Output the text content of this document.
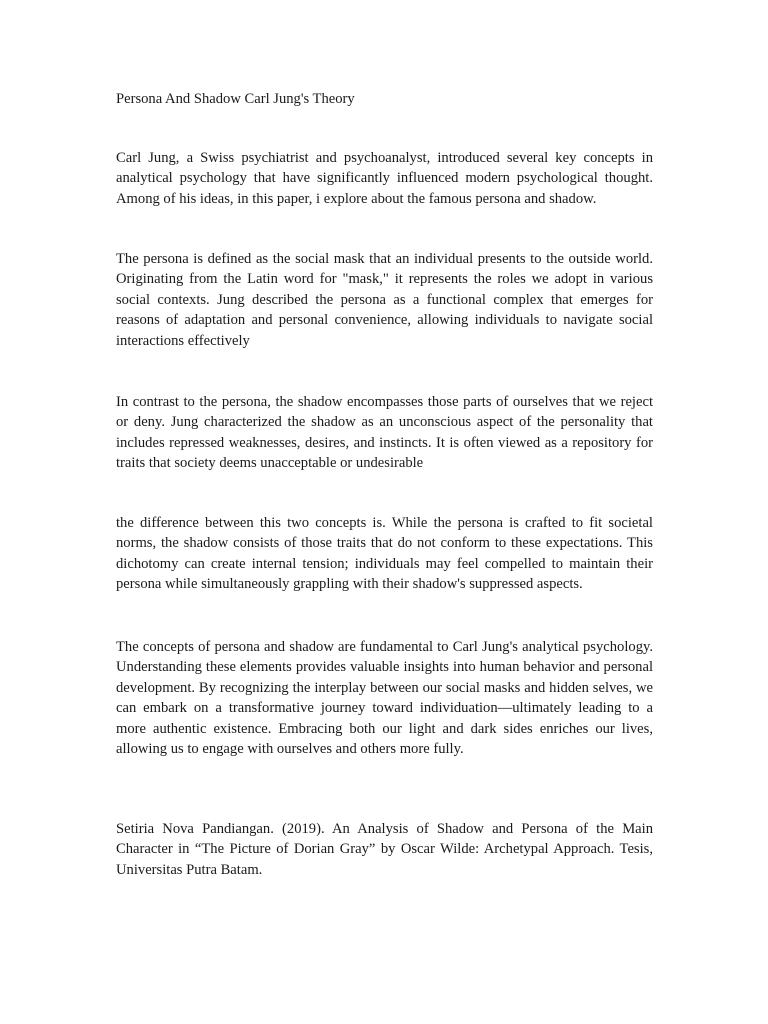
Persona And Shadow Carl Jung's Theory

Carl Jung, a Swiss psychiatrist and psychoanalyst, introduced several key concepts in analytical psychology that have significantly influenced modern psychological thought. Among of his ideas, in this paper, i explore about the famous persona and shadow.

The persona is defined as the social mask that an individual presents to the outside world. Originating from the Latin word for "mask," it represents the roles we adopt in various social contexts. Jung described the persona as a functional complex that emerges for reasons of adaptation and personal convenience, allowing individuals to navigate social interactions effectively

In contrast to the persona, the shadow encompasses those parts of ourselves that we reject or deny. Jung characterized the shadow as an unconscious aspect of the personality that includes repressed weaknesses, desires, and instincts. It is often viewed as a repository for traits that society deems unacceptable or undesirable

the difference between this two concepts is. While the persona is crafted to fit societal norms, the shadow consists of those traits that do not conform to these expectations. This dichotomy can create internal tension; individuals may feel compelled to maintain their persona while simultaneously grappling with their shadow's suppressed aspects.

The concepts of persona and shadow are fundamental to Carl Jung's analytical psychology. Understanding these elements provides valuable insights into human behavior and personal development. By recognizing the interplay between our social masks and hidden selves, we can embark on a transformative journey toward individuation—ultimately leading to a more authentic existence. Embracing both our light and dark sides enriches our lives, allowing us to engage with ourselves and others more fully.

Setiria Nova Pandiangan. (2019). An Analysis of Shadow and Persona of the Main Character in “The Picture of Dorian Gray” by Oscar Wilde: Archetypal Approach. Tesis, Universitas Putra Batam.
